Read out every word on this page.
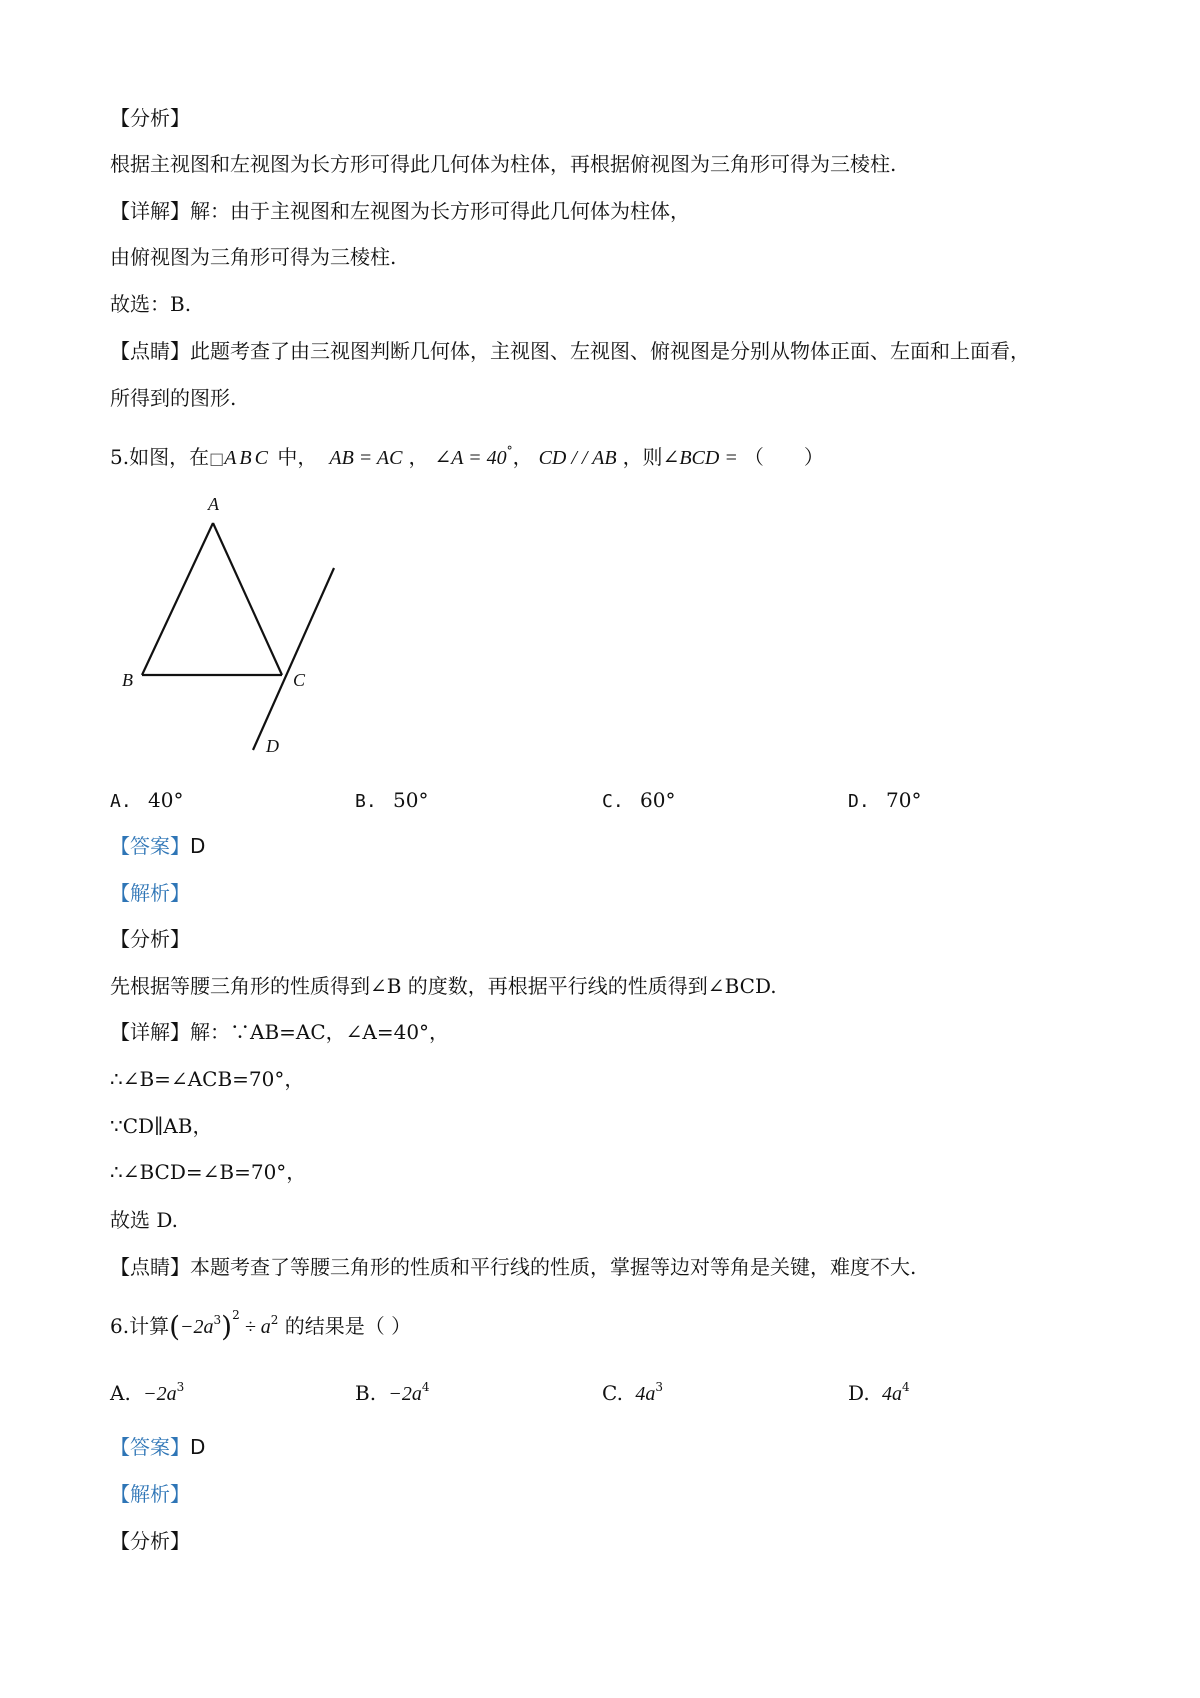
【分析】
根据主视图和左视图为长方形可得此几何体为柱体，再根据俯视图为三角形可得为三棱柱.
【详解】解：由于主视图和左视图为长方形可得此几何体为柱体，
由俯视图为三角形可得为三棱柱.
故选：B.
【点睛】此题考查了由三视图判断几何体，主视图、左视图、俯视图是分别从物体正面、左面和上面看，
所得到的图形.
5.如图，在□ABC 中， AB = AC ， ∠A = 40°， CD / / AB ，则∠BCD = （　　）
A
B	C
D
A. 40°	B. 50°	C. 60°	D. 70°
【答案】D
【解析】
【分析】
先根据等腰三角形的性质得到∠B 的度数，再根据平行线的性质得到∠BCD.
【详解】解：∵AB=AC，∠A=40°，
∴∠B=∠ACB=70°，
∵CD∥AB，
∴∠BCD=∠B=70°，
故选 D.
【点睛】本题考查了等腰三角形的性质和平行线的性质，掌握等边对等角是关键，难度不大.
6.计算$(-2a^3)^2 \div a^2$ 的结果是（ ）
A. $-2a^3$	B. $-2a^4$	C. $4a^3$	D. $4a^4$
【答案】D
【解析】
【分析】
